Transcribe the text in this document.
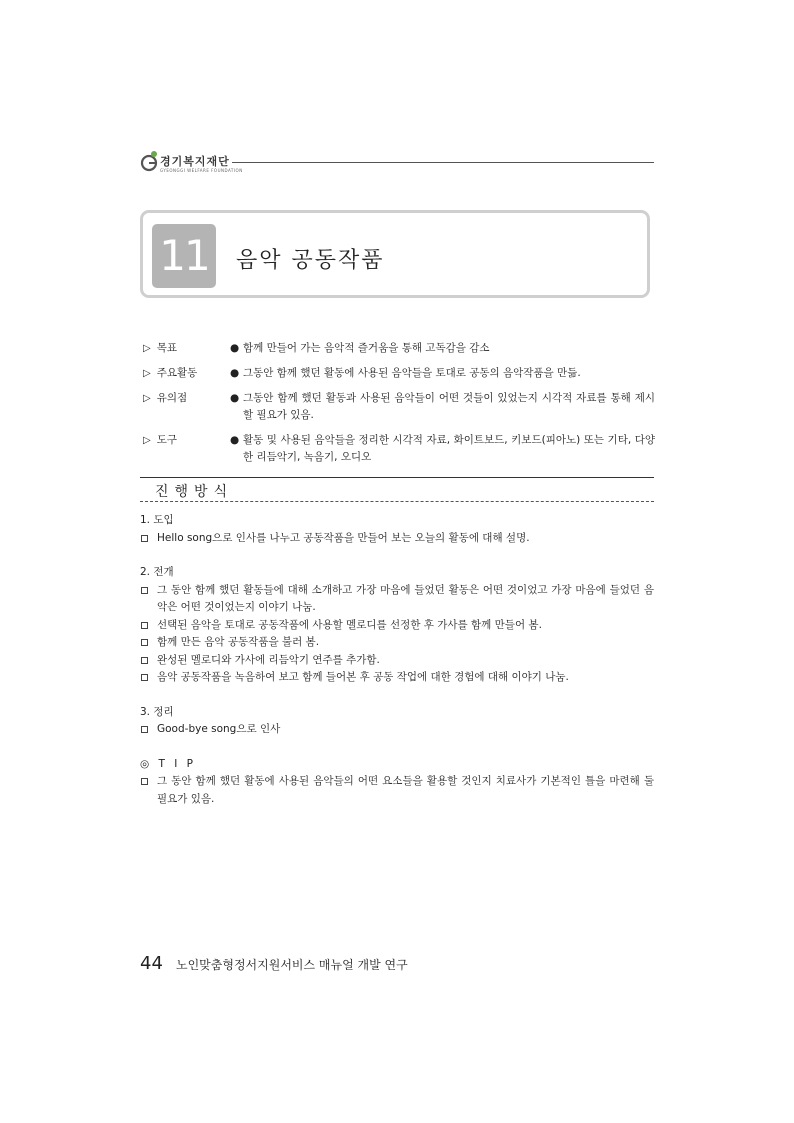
경기복지재단
GYEONGGI WELFARE FOUNDATION
11	음악 공동작품
▷ 목표	● 함께 만들어 가는 음악적 즐거움을 통해 고독감을 감소
▷ 주요활동	● 그동안 함께 했던 활동에 사용된 음악들을 토대로 공동의 음악작품을 만듦.
▷ 유의점	● 그동안 함께 했던 활동과 사용된 음악들이 어떤 것들이 있었는지 시각적 자료를 통해 제시할 필요가 있음.
▷ 도구	● 활동 및 사용된 음악들을 정리한 시각적 자료, 화이트보드, 키보드(피아노) 또는 기타, 다양한 리듬악기, 녹음기, 오디오
진행방식
1. 도입
Hello song으로 인사를 나누고 공동작품을 만들어 보는 오늘의 활동에 대해 설명.
2. 전개
그 동안 함께 했던 활동들에 대해 소개하고 가장 마음에 들었던 활동은 어떤 것이었고 가장 마음에 들었던 음악은 어떤 것이었는지 이야기 나눔.
선택된 음악을 토대로 공동작품에 사용할 멜로디를 선정한 후 가사를 함께 만들어 봄.
함께 만든 음악 공동작품을 불러 봄.
완성된 멜로디와 가사에 리듬악기 연주를 추가함.
음악 공동작품을 녹음하여 보고 함께 들어본 후 공동 작업에 대한 경험에 대해 이야기 나눔.
3. 정리
Good-bye song으로 인사
◎ T I P
그 동안 함께 했던 활동에 사용된 음악들의 어떤 요소들을 활용할 것인지 치료사가 기본적인 틀을 마련해 둘 필요가 있음.
44 노인맞춤형정서지원서비스 매뉴얼 개발 연구
